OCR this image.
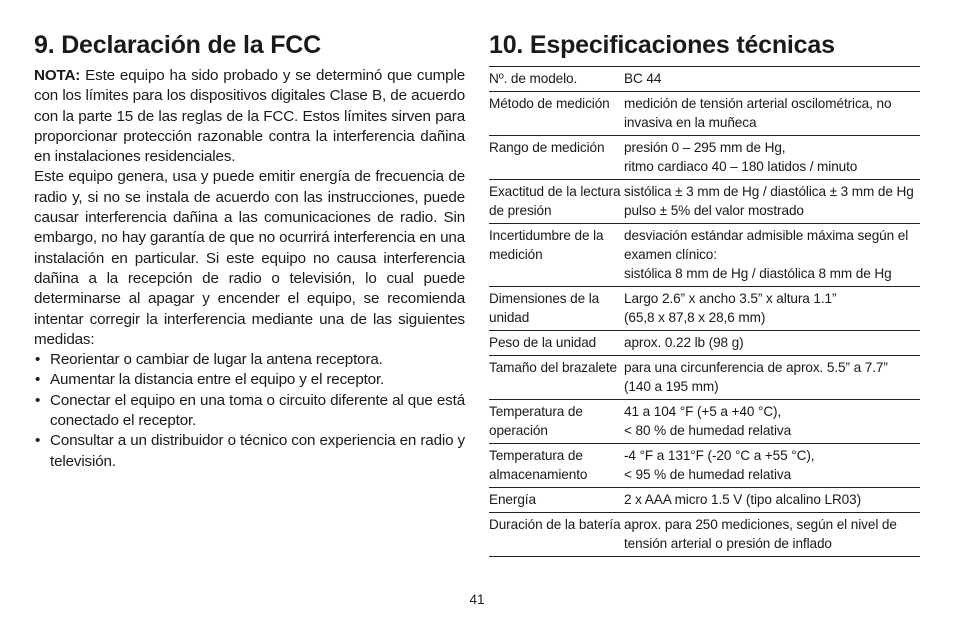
9. Declaración de la FCC

NOTA: Este equipo ha sido probado y se determinó que cumple con los límites para los dispositivos digitales Clase B, de acuerdo con la parte 15 de las reglas de la FCC. Estos límites sirven para proporcionar protección razonable contra la interferencia dañina en instalaciones residenciales.

Este equipo genera, usa y puede emitir energía de frecuencia de radio y, si no se instala de acuerdo con las instrucciones, puede causar interferencia dañina a las comunicaciones de radio. Sin embargo, no hay garantía de que no ocurrirá interferencia en una instalación en particular. Si este equipo no causa interferencia dañina a la recepción de radio o televisión, lo cual puede determinarse al apagar y encender el equipo, se recomienda intentar corregir la interferencia mediante una de las siguientes medidas:

• Reorientar o cambiar de lugar la antena receptora.
• Aumentar la distancia entre el equipo y el receptor.
• Conectar el equipo en una toma o circuito diferente al que está conectado el receptor.
• Consultar a un distribuidor o técnico con experiencia en radio y televisión.
10. Especificaciones técnicas
Nº. de modelo.	BC 44
Método de medición	medición de tensión arterial oscilométrica, no invasiva en la muñeca
Rango de medición	presión 0 – 295 mm de Hg,
ritmo cardiaco 40 – 180 latidos / minuto
Exactitud de la lectura de presión	sistólica ± 3 mm de Hg / diastólica ± 3 mm de Hg
pulso ± 5% del valor mostrado
Incertidumbre de la medición	desviación estándar admisible máxima según el examen clínico:
sistólica 8 mm de Hg / diastólica 8 mm de Hg
Dimensiones de la unidad	Largo 2.6” x ancho 3.5” x altura 1.1”
(65,8 x 87,8 x 28,6 mm)
Peso de la unidad	aprox. 0.22 lb (98 g)
Tamaño del brazalete	para una circunferencia de aprox. 5.5” a 7.7”
(140 a 195 mm)
Temperatura de operación	41 a 104 °F (+5 a +40 °C),
< 80 % de humedad relativa
Temperatura de almacenamiento	-4 °F a 131°F (-20 °C a +55 °C),
< 95 % de humedad relativa
Energía	2 x AAA micro 1.5 V (tipo alcalino LR03)
Duración de la batería	aprox. para 250 mediciones, según el nivel de tensión arterial o presión de inflado
41
